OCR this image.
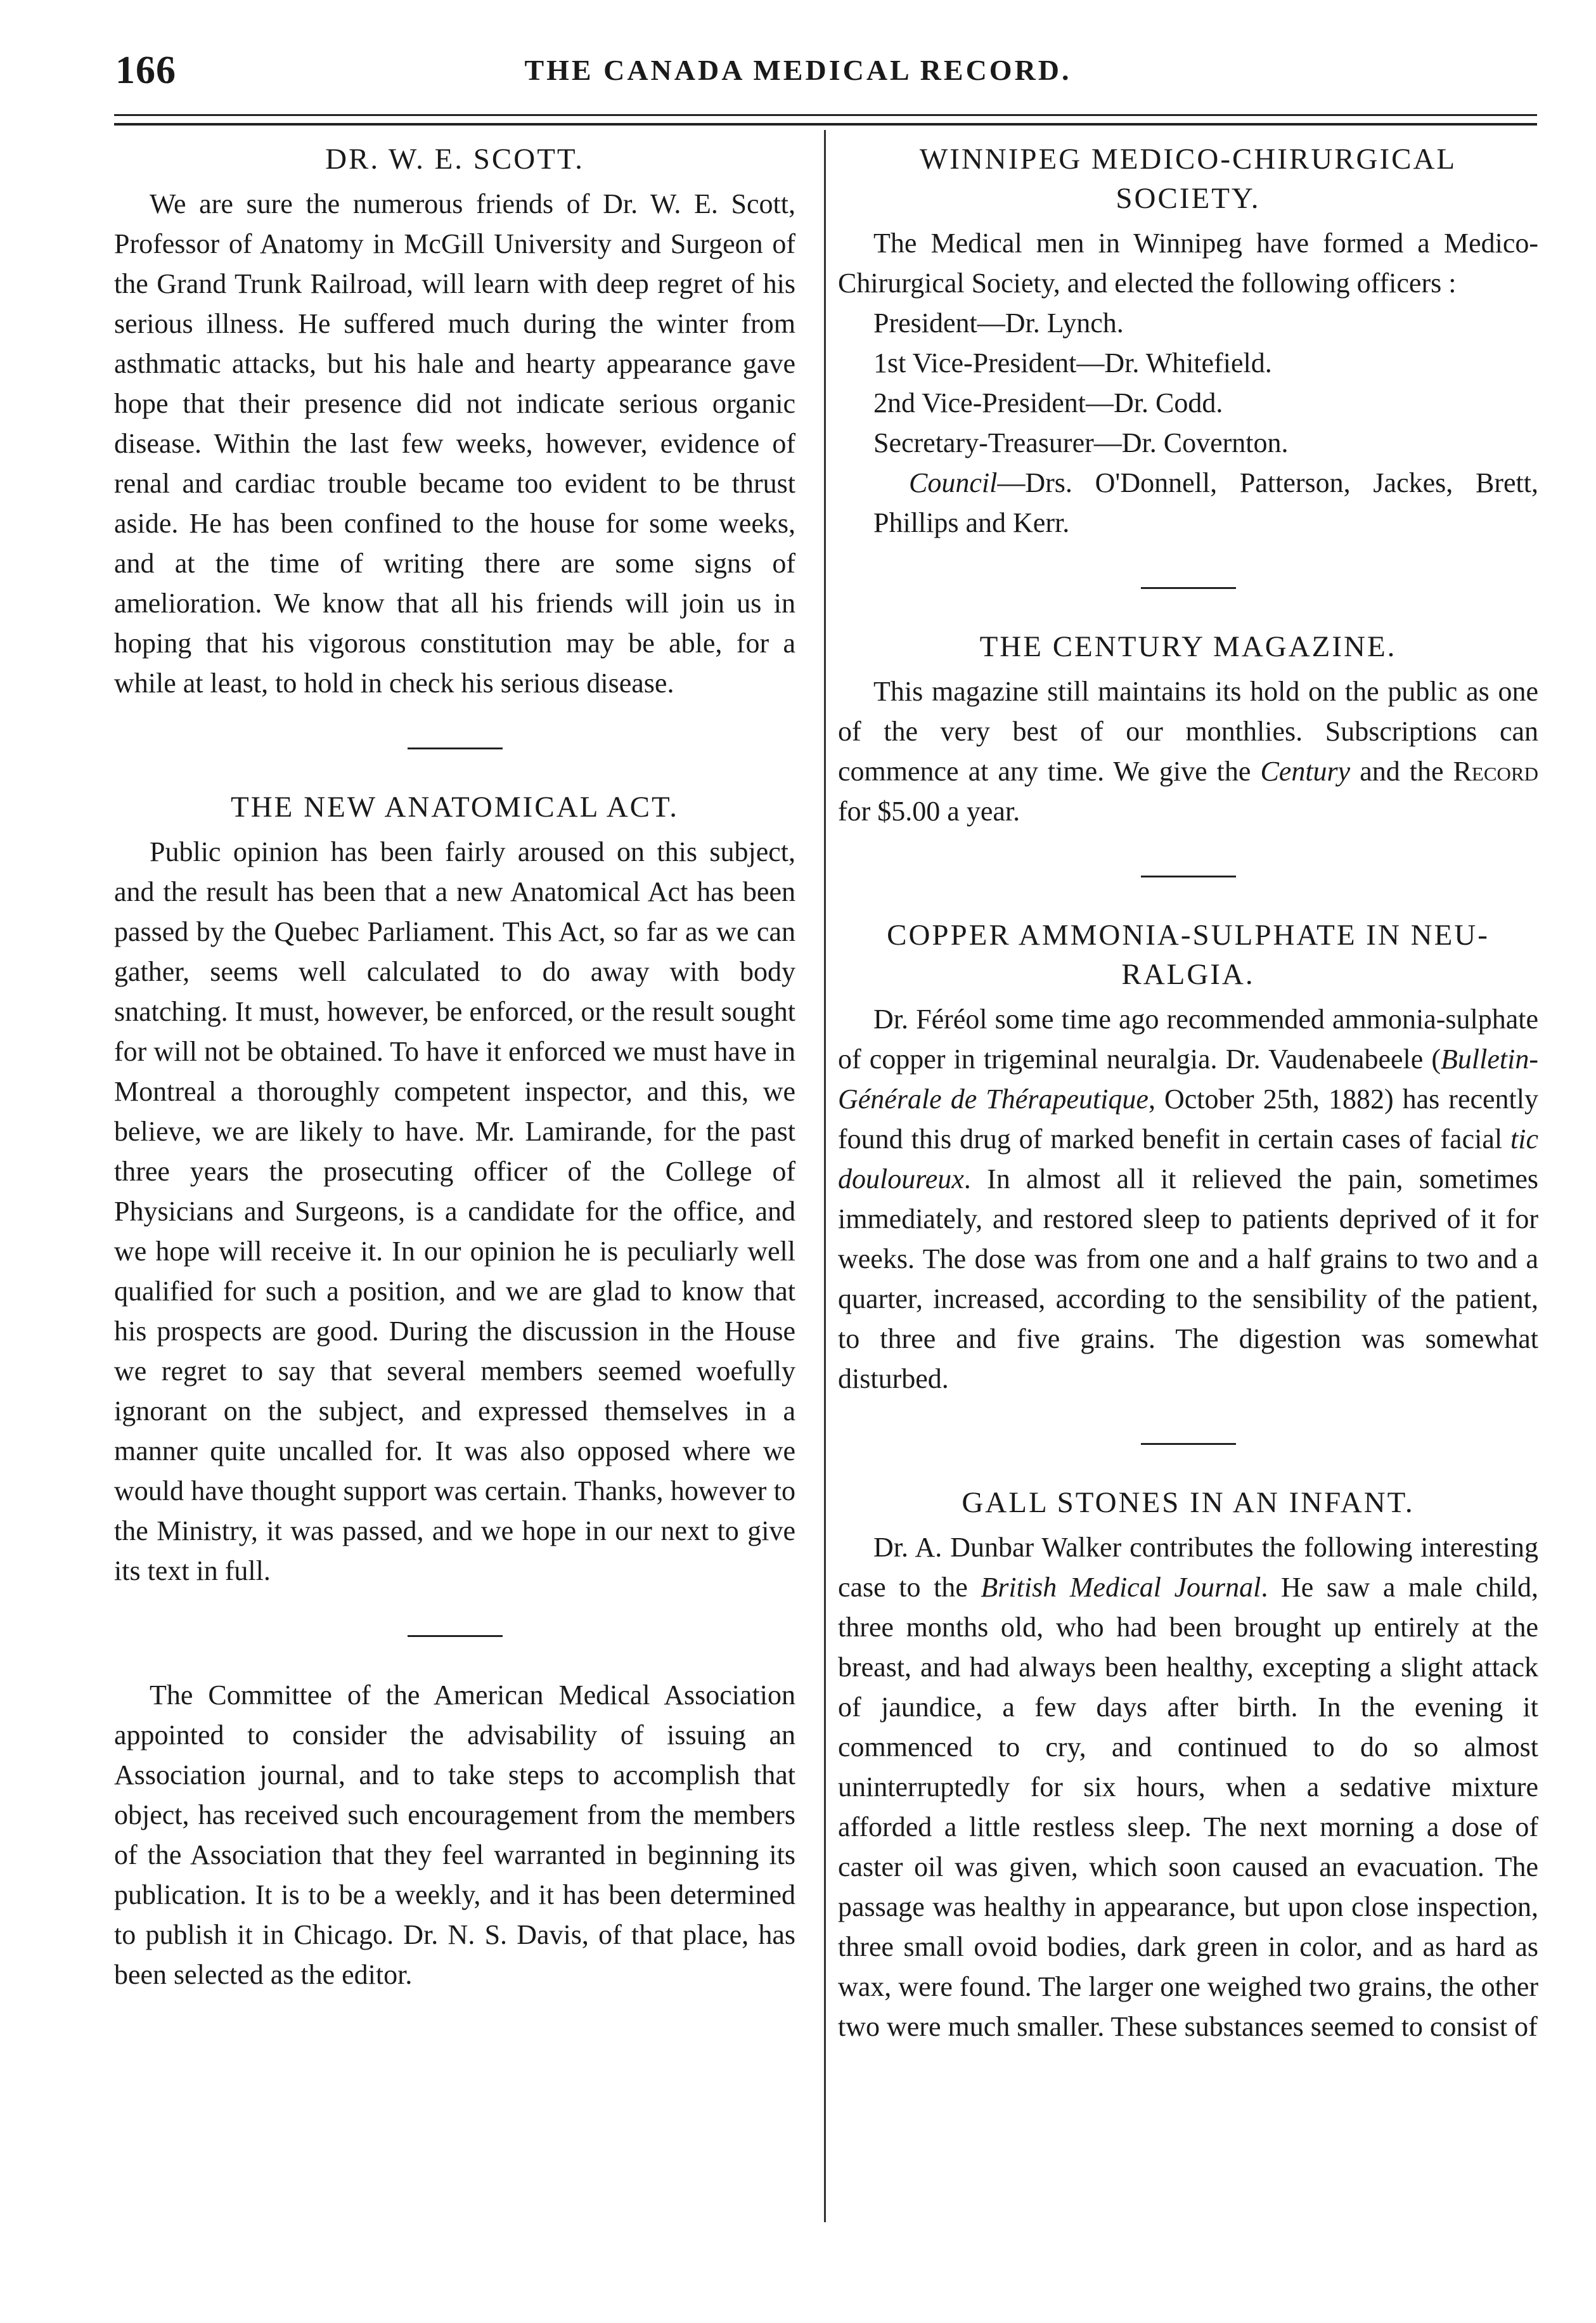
166	THE CANADA MEDICAL RECORD.
DR. W. E. SCOTT.

We are sure the numerous friends of Dr. W. E. Scott, Professor of Anatomy in McGill University and Surgeon of the Grand Trunk Railroad, will learn with deep regret of his serious illness. He suffered much during the winter from asthmatic attacks, but his hale and hearty appearance gave hope that their presence did not indicate serious organic disease. Within the last few weeks, however, evidence of renal and cardiac trouble became too evident to be thrust aside. He has been confined to the house for some weeks, and at the time of writing there are some signs of amelioration. We know that all his friends will join us in hoping that his vigorous constitution may be able, for a while at least, to hold in check his serious disease.

THE NEW ANATOMICAL ACT.

Public opinion has been fairly aroused on this subject, and the result has been that a new Anatomical Act has been passed by the Quebec Parliament. This Act, so far as we can gather, seems well calculated to do away with body snatching. It must, however, be enforced, or the result sought for will not be obtained. To have it enforced we must have in Montreal a thoroughly competent inspector, and this, we believe, we are likely to have. Mr. Lamirande, for the past three years the prosecuting officer of the College of Physicians and Surgeons, is a candidate for the office, and we hope will receive it. In our opinion he is peculiarly well qualified for such a position, and we are glad to know that his prospects are good. During the discussion in the House we regret to say that several members seemed woefully ignorant on the subject, and expressed themselves in a manner quite uncalled for. It was also opposed where we would have thought support was certain. Thanks, however to the Ministry, it was passed, and we hope in our next to give its text in full.

The Committee of the American Medical Association appointed to consider the advisability of issuing an Association journal, and to take steps to accomplish that object, has received such encouragement from the members of the Association that they feel warranted in beginning its publication. It is to be a weekly, and it has been determined to publish it in Chicago. Dr. N. S. Davis, of that place, has been selected as the editor.

WINNIPEG MEDICO-CHIRURGICAL
SOCIETY.

The Medical men in Winnipeg have formed a Medico-Chirurgical Society, and elected the following officers :

President—Dr. Lynch.
1st Vice-President—Dr. Whitefield.
2nd Vice-President—Dr. Codd.
Secretary-Treasurer—Dr. Covernton.
Council—Drs. O'Donnell, Patterson, Jackes, Brett, Phillips and Kerr.
THE CENTURY MAGAZINE.

This magazine still maintains its hold on the public as one of the very best of our monthlies. Subscriptions can commence at any time. We give the Century and the Record for $5.00 a year.

COPPER AMMONIA-SULPHATE IN NEU-
RALGIA.

Dr. Féréol some time ago recommended ammonia-sulphate of copper in trigeminal neuralgia. Dr. Vaudenabeele (Bulletin-Générale de Thérapeutique, October 25th, 1882) has recently found this drug of marked benefit in certain cases of facial tic douloureux. In almost all it relieved the pain, sometimes immediately, and restored sleep to patients deprived of it for weeks. The dose was from one and a half grains to two and a quarter, increased, according to the sensibility of the patient, to three and five grains. The digestion was somewhat disturbed.

GALL STONES IN AN INFANT.

Dr. A. Dunbar Walker contributes the following interesting case to the British Medical Journal. He saw a male child, three months old, who had been brought up entirely at the breast, and had always been healthy, excepting a slight attack of jaundice, a few days after birth. In the evening it commenced to cry, and continued to do so almost uninterruptedly for six hours, when a sedative mixture afforded a little restless sleep. The next morning a dose of caster oil was given, which soon caused an evacuation. The passage was healthy in appearance, but upon close inspection, three small ovoid bodies, dark green in color, and as hard as wax, were found. The larger one weighed two grains, the other two were much smaller. These substances seemed to consist of
